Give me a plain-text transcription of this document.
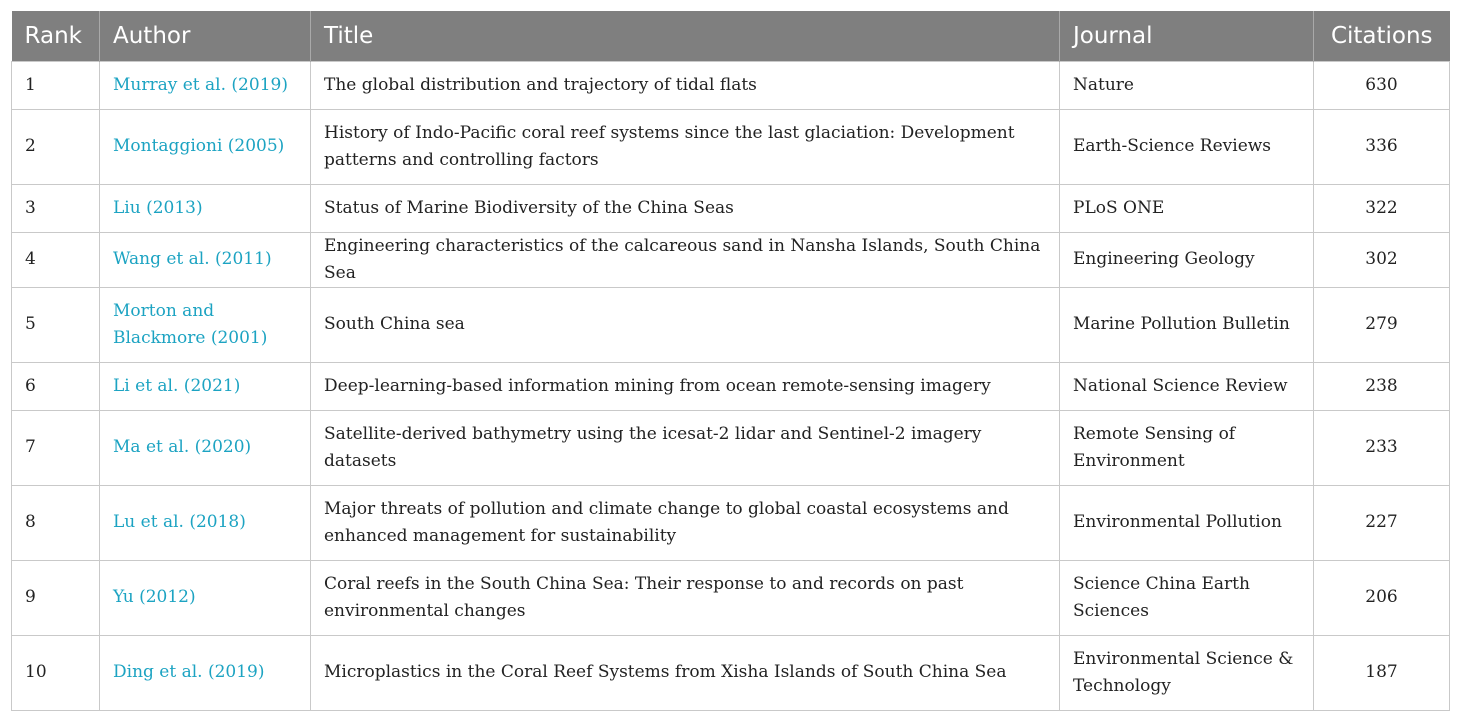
Rank	Author	Title	Journal	Citations
1	Murray et al. (2019)	The global distribution and trajectory of tidal flats	Nature	630
2	Montaggioni (2005)	History of Indo-Pacific coral reef systems since the last glaciation: Development patterns and controlling factors	Earth-Science Reviews	336
3	Liu (2013)	Status of Marine Biodiversity of the China Seas	PLoS ONE	322
4	Wang et al. (2011)	Engineering characteristics of the calcareous sand in Nansha Islands, South China Sea	Engineering Geology	302
5	Morton and Blackmore (2001)	South China sea	Marine Pollution Bulletin	279
6	Li et al. (2021)	Deep-learning-based information mining from ocean remote-sensing imagery	National Science Review	238
7	Ma et al. (2020)	Satellite-derived bathymetry using the icesat-2 lidar and Sentinel-2 imagery datasets	Remote Sensing of Environment	233
8	Lu et al. (2018)	Major threats of pollution and climate change to global coastal ecosystems and enhanced management for sustainability	Environmental Pollution	227
9	Yu (2012)	Coral reefs in the South China Sea: Their response to and records on past environmental changes	Science China Earth Sciences	206
10	Ding et al. (2019)	Microplastics in the Coral Reef Systems from Xisha Islands of South China Sea	Environmental Science & Technology	187
